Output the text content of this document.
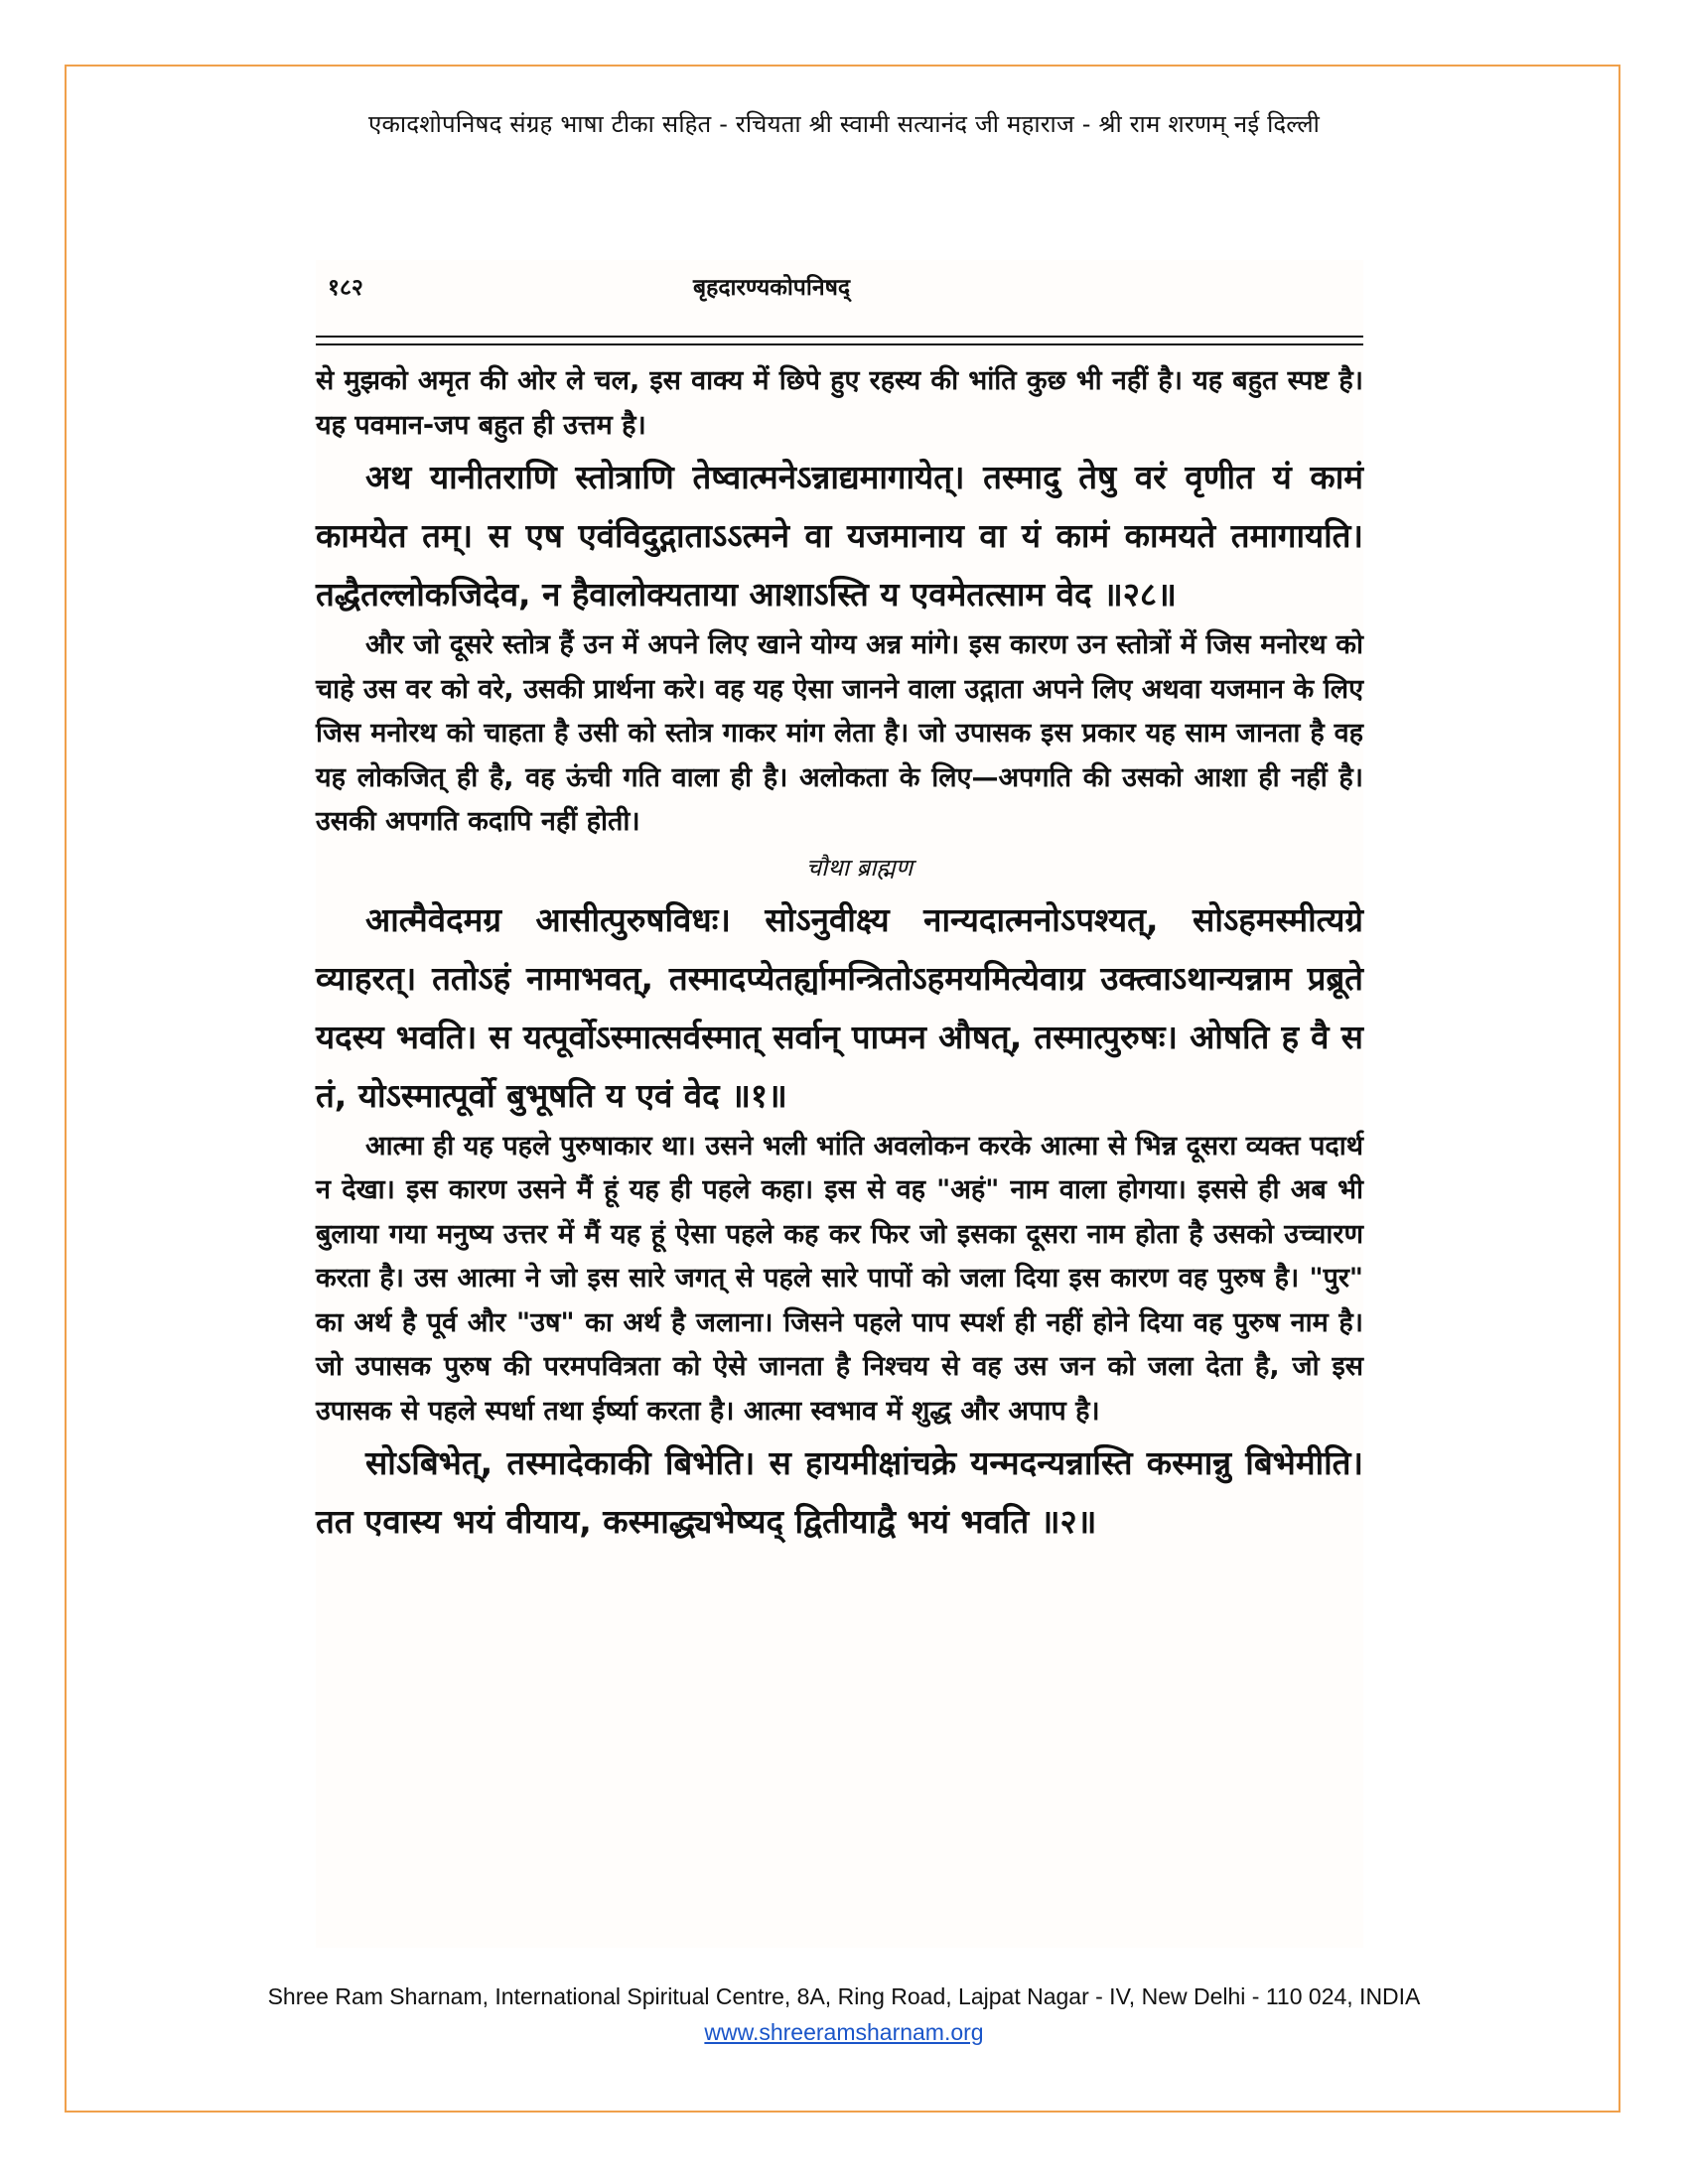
एकादशोपनिषद संग्रह भाषा टीका सहित - रचियता श्री स्वामी सत्यानंद जी महाराज - श्री राम शरणम् नई दिल्ली
१८२	बृहदारण्यकोपनिषद्

से मुझको अमृत की ओर ले चल, इस वाक्य में छिपे हुए रहस्य की भांति कुछ भी नहीं है। यह बहुत स्पष्ट है। यह पवमान-जप बहुत ही उत्तम है।

अथ यानीतराणि स्तोत्राणि तेष्वात्मनेऽन्नाद्यमागायेत्। तस्मादु तेषु वरं वृणीत यं कामं कामयेत तम्। स एष एवंविदुद्गाताऽऽत्मने वा यजमानाय वा यं कामं कामयते तमागायति। तद्धैतल्लोकजिदेव, न हैवालोक्यताया आशाऽस्ति य एवमेतत्साम वेद ॥२८॥

और जो दूसरे स्तोत्र हैं उन में अपने लिए खाने योग्य अन्न मांगे। इस कारण उन स्तोत्रों में जिस मनोरथ को चाहे उस वर को वरे, उसकी प्रार्थना करे। वह यह ऐसा जानने वाला उद्गाता अपने लिए अथवा यजमान के लिए जिस मनोरथ को चाहता है उसी को स्तोत्र गाकर मांग लेता है। जो उपासक इस प्रकार यह साम जानता है वह यह लोकजित् ही है, वह ऊंची गति वाला ही है। अलोकता के लिए—अपगति की उसको आशा ही नहीं है। उसकी अपगति कदापि नहीं होती।

चौथा ब्राह्मण

आत्मैवेदमग्र आसीत्पुरुषविधः। सोऽनुवीक्ष्य नान्यदात्मनोऽपश्यत्, सोऽहमस्मीत्यग्रे व्याहरत्। ततोऽहं नामाभवत्, तस्मादप्येतर्ह्यामन्त्रितोऽहमयमित्येवाग्र उक्त्वाऽथान्यन्नाम प्रब्रूते यदस्य भवति। स यत्पूर्वोऽस्मात्सर्वस्मात् सर्वान् पाप्मन औषत्, तस्मात्पुरुषः। ओषति ह वै स तं, योऽस्मात्पूर्वो बुभूषति य एवं वेद ॥१॥

आत्मा ही यह पहले पुरुषाकार था। उसने भली भांति अवलोकन करके आत्मा से भिन्न दूसरा व्यक्त पदार्थ न देखा। इस कारण उसने मैं हूं यह ही पहले कहा। इस से वह "अहं" नाम वाला होगया। इससे ही अब भी बुलाया गया मनुष्य उत्तर में मैं यह हूं ऐसा पहले कह कर फिर जो इसका दूसरा नाम होता है उसको उच्चारण करता है। उस आत्मा ने जो इस सारे जगत् से पहले सारे पापों को जला दिया इस कारण वह पुरुष है। "पुर" का अर्थ है पूर्व और "उष" का अर्थ है जलाना। जिसने पहले पाप स्पर्श ही नहीं होने दिया वह पुरुष नाम है। जो उपासक पुरुष की परमपवित्रता को ऐसे जानता है निश्चय से वह उस जन को जला देता है, जो इस उपासक से पहले स्पर्धा तथा ईर्ष्या करता है। आत्मा स्वभाव में शुद्ध और अपाप है।

सोऽबिभेत्, तस्मादेकाकी बिभेति। स हायमीक्षांचक्रे यन्मदन्यन्नास्ति कस्मान्नु बिभेमीति। तत एवास्य भयं वीयाय, कस्माद्ध्यभेष्यद् द्वितीयाद्वै भयं भवति ॥२॥

Shree Ram Sharnam, International Spiritual Centre, 8A, Ring Road, Lajpat Nagar - IV, New Delhi - 110 024, INDIA
www.shreeramsharnam.org
